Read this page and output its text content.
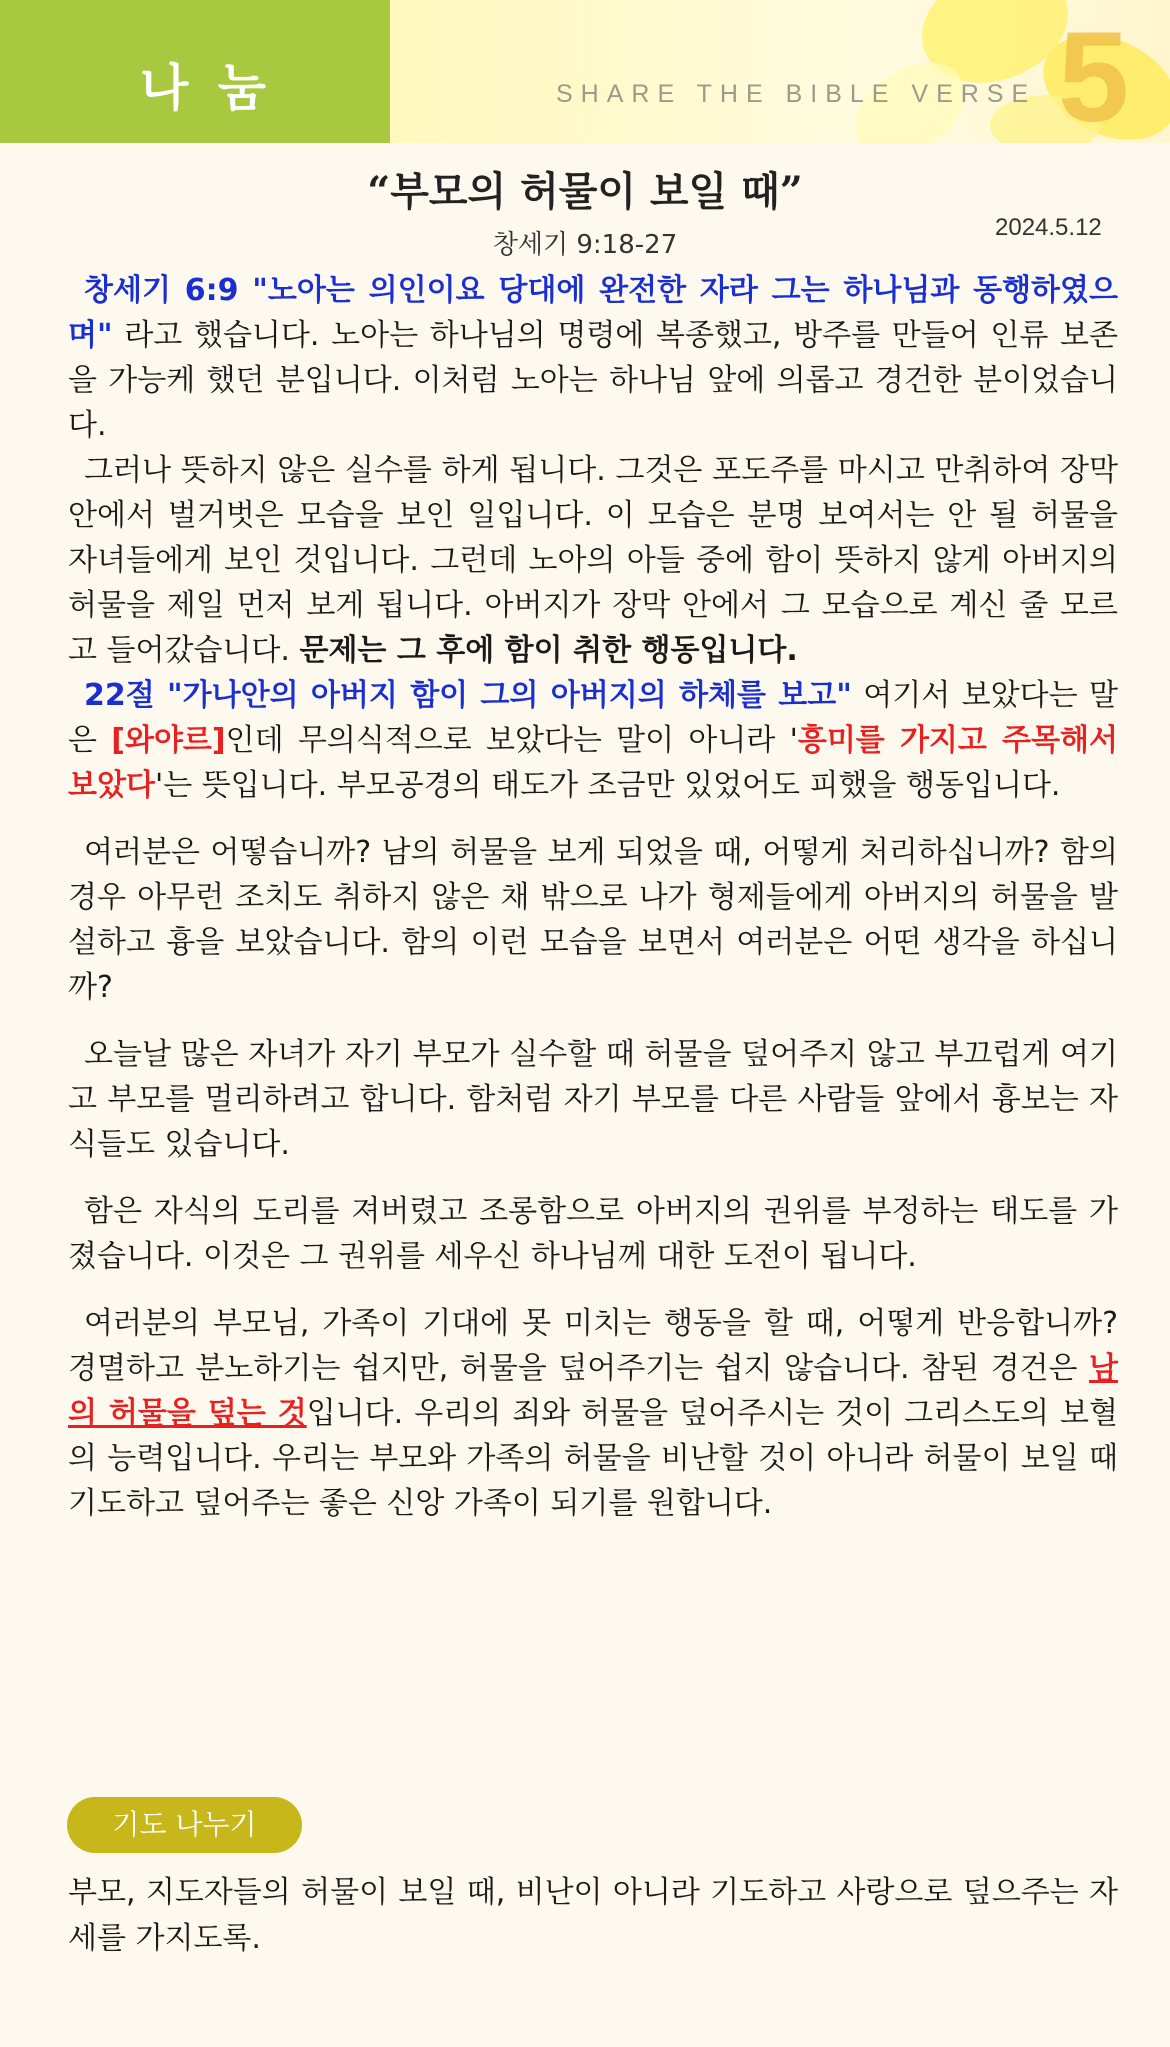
나 눔	SHARE THE BIBLE VERSE 5
“부모의 허물이 보일 때”
창세기 9:18-27
2024.5.12

창세기 6:9 "노아는 의인이요 당대에 완전한 자라 그는 하나님과 동행하였으며" 라고 했습니다. 노아는 하나님의 명령에 복종했고, 방주를 만들어 인류 보존을 가능케 했던 분입니다. 이처럼 노아는 하나님 앞에 의롭고 경건한 분이었습니다.

그러나 뜻하지 않은 실수를 하게 됩니다. 그것은 포도주를 마시고 만취하여 장막 안에서 벌거벗은 모습을 보인 일입니다. 이 모습은 분명 보여서는 안 될 허물을 자녀들에게 보인 것입니다. 그런데 노아의 아들 중에 함이 뜻하지 않게 아버지의 허물을 제일 먼저 보게 됩니다. 아버지가 장막 안에서 그 모습으로 계신 줄 모르고 들어갔습니다. 문제는 그 후에 함이 취한 행동입니다.

22절 "가나안의 아버지 함이 그의 아버지의 하체를 보고" 여기서 보았다는 말은 [와야르]인데 무의식적으로 보았다는 말이 아니라 '흥미를 가지고 주목해서 보았다'는 뜻입니다. 부모공경의 태도가 조금만 있었어도 피했을 행동입니다.

여러분은 어떻습니까? 남의 허물을 보게 되었을 때, 어떻게 처리하십니까? 함의 경우 아무런 조치도 취하지 않은 채 밖으로 나가 형제들에게 아버지의 허물을 발설하고 흉을 보았습니다. 함의 이런 모습을 보면서 여러분은 어떤 생각을 하십니까?

오늘날 많은 자녀가 자기 부모가 실수할 때 허물을 덮어주지 않고 부끄럽게 여기고 부모를 멀리하려고 합니다. 함처럼 자기 부모를 다른 사람들 앞에서 흉보는 자식들도 있습니다.

함은 자식의 도리를 져버렸고 조롱함으로 아버지의 권위를 부정하는 태도를 가졌습니다. 이것은 그 권위를 세우신 하나님께 대한 도전이 됩니다.

여러분의 부모님, 가족이 기대에 못 미치는 행동을 할 때, 어떻게 반응합니까? 경멸하고 분노하기는 쉽지만, 허물을 덮어주기는 쉽지 않습니다. 참된 경건은 남의 허물을 덮는 것입니다. 우리의 죄와 허물을 덮어주시는 것이 그리스도의 보혈의 능력입니다. 우리는 부모와 가족의 허물을 비난할 것이 아니라 허물이 보일 때 기도하고 덮어주는 좋은 신앙 가족이 되기를 원합니다.

기도 나누기
부모, 지도자들의 허물이 보일 때, 비난이 아니라 기도하고 사랑으로 덮으주는 자세를 가지도록.
